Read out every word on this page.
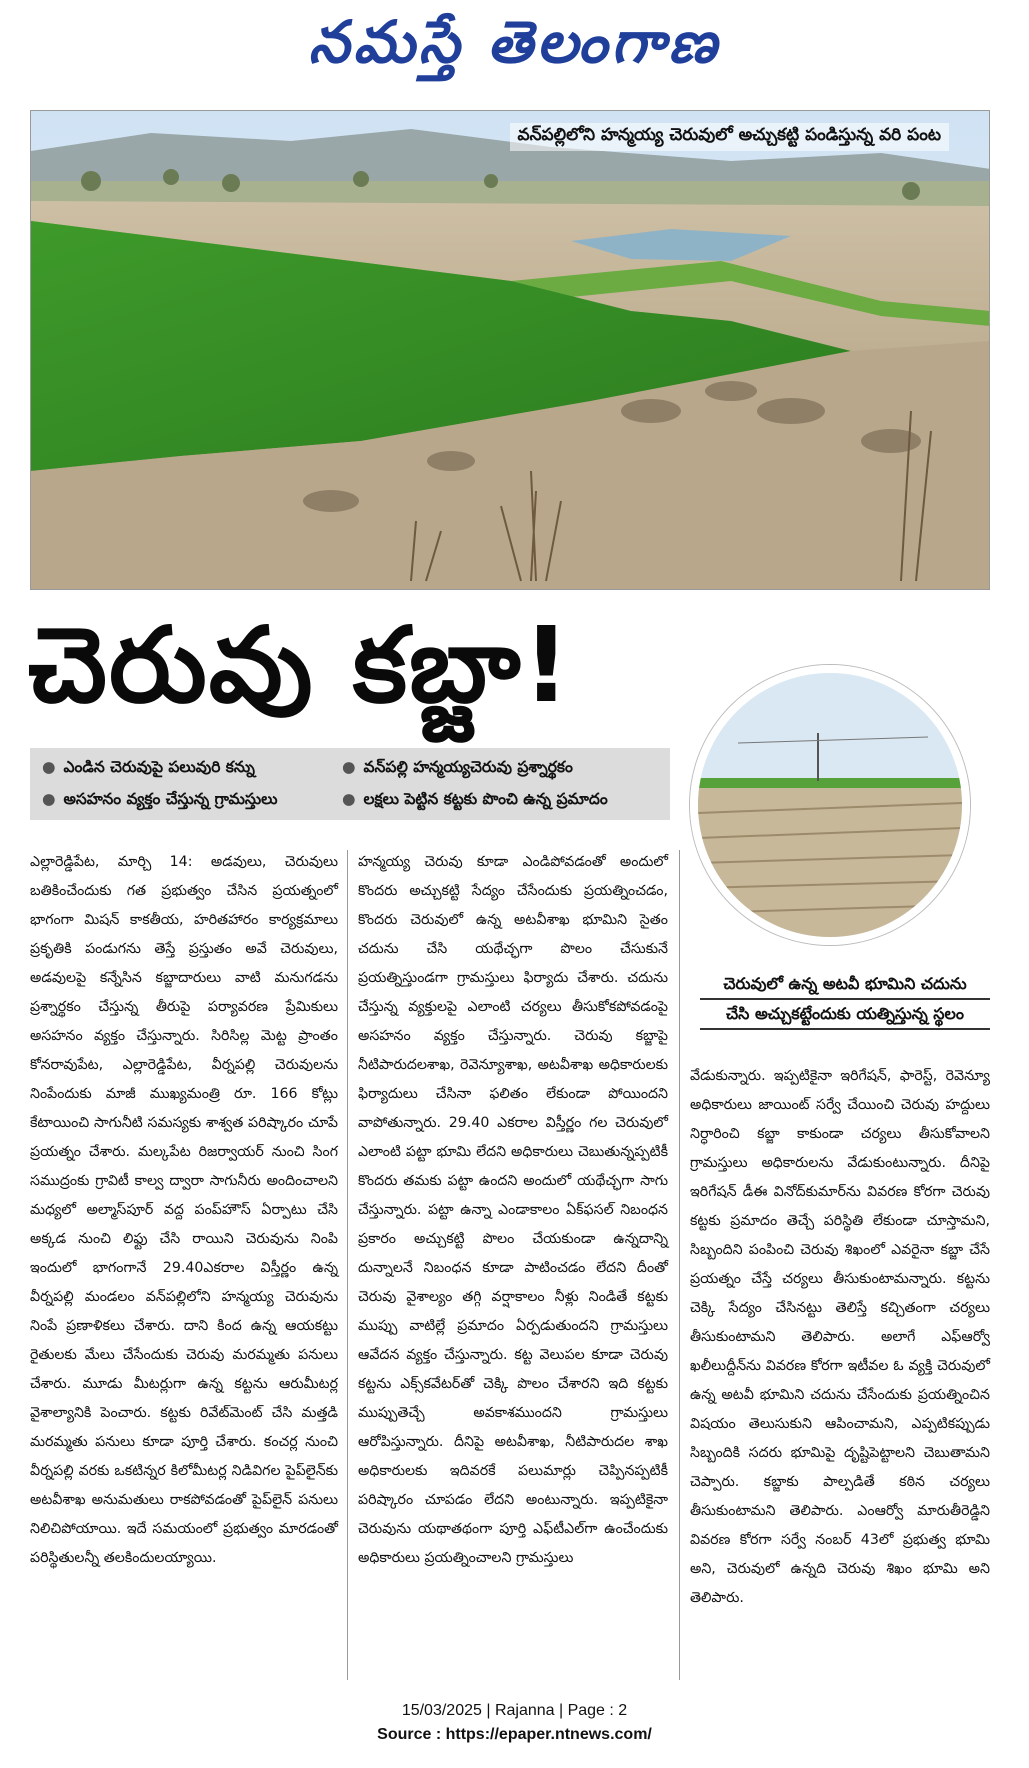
నమస్తే తెలంగాణ
వన్‌పల్లిలోని హన్మయ్య చెరువులో అచ్చుకట్టి పండిస్తున్న వరి పంట
చెరువు కబ్జా!
చెరువులో ఉన్న అటవీ భూమిని చదును
చేసి అచ్చుకట్టేందుకు యత్నిస్తున్న స్థలం
● ఎండిన చెరువుపై పలువురి కన్ను	● వన్‌పల్లి హన్మయ్యచెరువు ప్రశ్నార్థకం
● అసహనం వ్యక్తం చేస్తున్న గ్రామస్తులు	● లక్షలు పెట్టిన కట్టకు పొంచి ఉన్న ప్రమాదం
ఎల్లారెడ్డిపేట, మార్చి 14: అడవులు, చెరువులు బతికించేందుకు గత ప్రభుత్వం చేసిన ప్రయత్నంలో భాగంగా మిషన్ కాకతీయ, హరితహారం కార్యక్రమాలు ప్రకృతికి పండుగను తెస్తే ప్రస్తుతం అవే చెరువులు, అడవులపై కన్నేసిన కబ్జాదారులు వాటి మనుగడను ప్రశ్నార్థకం చేస్తున్న తీరుపై పర్యావరణ ప్రేమికులు అసహనం వ్యక్తం చేస్తున్నారు. సిరిసిల్ల మెట్ట ప్రాంతం కోనరావుపేట, ఎల్లారెడ్డిపేట, వీర్నపల్లి చెరువులను నింపేందుకు మాజీ ముఖ్యమంత్రి రూ. 166 కోట్లు కేటాయించి సాగునీటి సమస్యకు శాశ్వత పరిష్కారం చూపే ప్రయత్నం చేశారు. మల్కపేట రిజర్వాయర్ నుంచి సింగ సముద్రంకు గ్రావిటీ కాల్వ ద్వారా సాగునీరు అందించాలని మధ్యలో అల్మాస్‌పూర్ వద్ద పంప్‌హౌస్ ఏర్పాటు చేసి అక్కడ నుంచి లిఫ్టు చేసి రాయిని చెరువును నింపి ఇందులో భాగంగానే 29.40ఎకరాల విస్తీర్ణం ఉన్న వీర్నపల్లి మండలం వన్‌పల్లిలోని హన్మయ్య చెరువును నింపే ప్రణాళికలు చేశారు. దాని కింద ఉన్న ఆయకట్టు రైతులకు మేలు చేసేందుకు చెరువు మరమ్మతు పనులు చేశారు. మూడు మీటర్లుగా ఉన్న కట్టను ఆరుమీటర్ల వైశాల్యానికి పెంచారు. కట్టకు రివేట్‌మెంట్ చేసి మత్తడి మరమ్మతు పనులు కూడా పూర్తి చేశారు. కంచర్ల నుంచి వీర్నపల్లి వరకు ఒకటిన్నర కిలోమీటర్ల నిడివిగల పైప్‌లైన్‌కు అటవీశాఖ అనుమతులు రాకపోవడంతో పైప్‌లైన్ పనులు నిలిచిపోయాయి. ఇదే సమయంలో ప్రభుత్వం మారడంతో పరిస్థితులన్నీ తలకిందులయ్యాయి.
హన్మయ్య చెరువు కూడా ఎండిపోవడంతో అందులో కొందరు అచ్చుకట్టి సేద్యం చేసేందుకు ప్రయత్నించడం, కొందరు చెరువులో ఉన్న అటవీశాఖ భూమిని సైతం చదును చేసి యథేచ్ఛగా పొలం చేసుకునే ప్రయత్నిస్తుండగా గ్రామస్తులు ఫిర్యాదు చేశారు. చదును చేస్తున్న వ్యక్తులపై ఎలాంటి చర్యలు తీసుకోకపోవడంపై అసహనం వ్యక్తం చేస్తున్నారు. చెరువు కబ్జాపై నీటిపారుదలశాఖ, రెవెన్యూశాఖ, అటవీశాఖ అధికారులకు ఫిర్యాదులు చేసినా ఫలితం లేకుండా పోయిందని వాపోతున్నారు. 29.40 ఎకరాల విస్తీర్ణం గల చెరువులో ఎలాంటి పట్టా భూమి లేదని అధికారులు చెబుతున్నప్పటికీ కొందరు తమకు పట్టా ఉందని అందులో యథేచ్ఛగా సాగు చేస్తున్నారు. పట్టా ఉన్నా ఎండాకాలం ఏక్‌ఫసల్ నిబంధన ప్రకారం అచ్చుకట్టి పొలం చేయకుండా ఉన్నదాన్ని దున్నాలనే నిబంధన కూడా పాటించడం లేదని దీంతో చెరువు వైశాల్యం తగ్గి వర్షాకాలం నీళ్లు నిండితే కట్టకు ముప్పు వాటిల్లే ప్రమాదం ఏర్పడుతుందని గ్రామస్తులు ఆవేదన వ్యక్తం చేస్తున్నారు. కట్ట వెలుపల కూడా చెరువు కట్టను ఎక్స్‌కవేటర్‌తో చెక్కి పొలం చేశారని ఇది కట్టకు ముప్పుతెచ్చే అవకాశముందని గ్రామస్తులు ఆరోపిస్తున్నారు. దీనిపై అటవీశాఖ, నీటిపారుదల శాఖ అధికారులకు ఇదివరకే పలుమార్లు చెప్పినప్పటికీ పరిష్కారం చూపడం లేదని అంటున్నారు. ఇప్పటికైనా చెరువును యథాతథంగా పూర్తి ఎఫ్‌టీఎల్‌గా ఉంచేందుకు అధికారులు ప్రయత్నించాలని గ్రామస్తులు
వేడుకున్నారు. ఇప్పటికైనా ఇరిగేషన్, ఫారెస్ట్, రెవెన్యూ అధికారులు జాయింట్ సర్వే చేయించి చెరువు హద్దులు నిర్ధారించి కబ్జా కాకుండా చర్యలు తీసుకోవాలని గ్రామస్తులు అధికారులను వేడుకుంటున్నారు. దీనిపై ఇరిగేషన్ డీఈ వినోద్‌కుమార్‌ను వివరణ కోరగా చెరువు కట్టకు ప్రమాదం తెచ్చే పరిస్థితి లేకుండా చూస్తామని, సిబ్బందిని పంపించి చెరువు శిఖంలో ఎవరైనా కబ్జా చేసే ప్రయత్నం చేస్తే చర్యలు తీసుకుంటామన్నారు. కట్టను చెక్కి సేద్యం చేసినట్టు తెలిస్తే కచ్చితంగా చర్యలు తీసుకుంటామని తెలిపారు. అలాగే ఎఫ్ఆర్వో ఖలీలుద్దీన్‌ను వివరణ కోరగా ఇటీవల ఓ వ్యక్తి చెరువులో ఉన్న అటవీ భూమిని చదును చేసేందుకు ప్రయత్నించిన విషయం తెలుసుకుని ఆపించామని, ఎప్పటికప్పుడు సిబ్బందికి సదరు భూమిపై దృష్టిపెట్టాలని చెబుతామని చెప్పారు. కబ్జాకు పాల్పడితే కఠిన చర్యలు తీసుకుంటామని తెలిపారు. ఎంఆర్వో మారుతీరెడ్డిని వివరణ కోరగా సర్వే నంబర్ 43లో ప్రభుత్వ భూమి అని, చెరువులో ఉన్నది చెరువు శిఖం భూమి అని తెలిపారు.
15/03/2025 | Rajanna | Page : 2
Source : https://epaper.ntnews.com/
